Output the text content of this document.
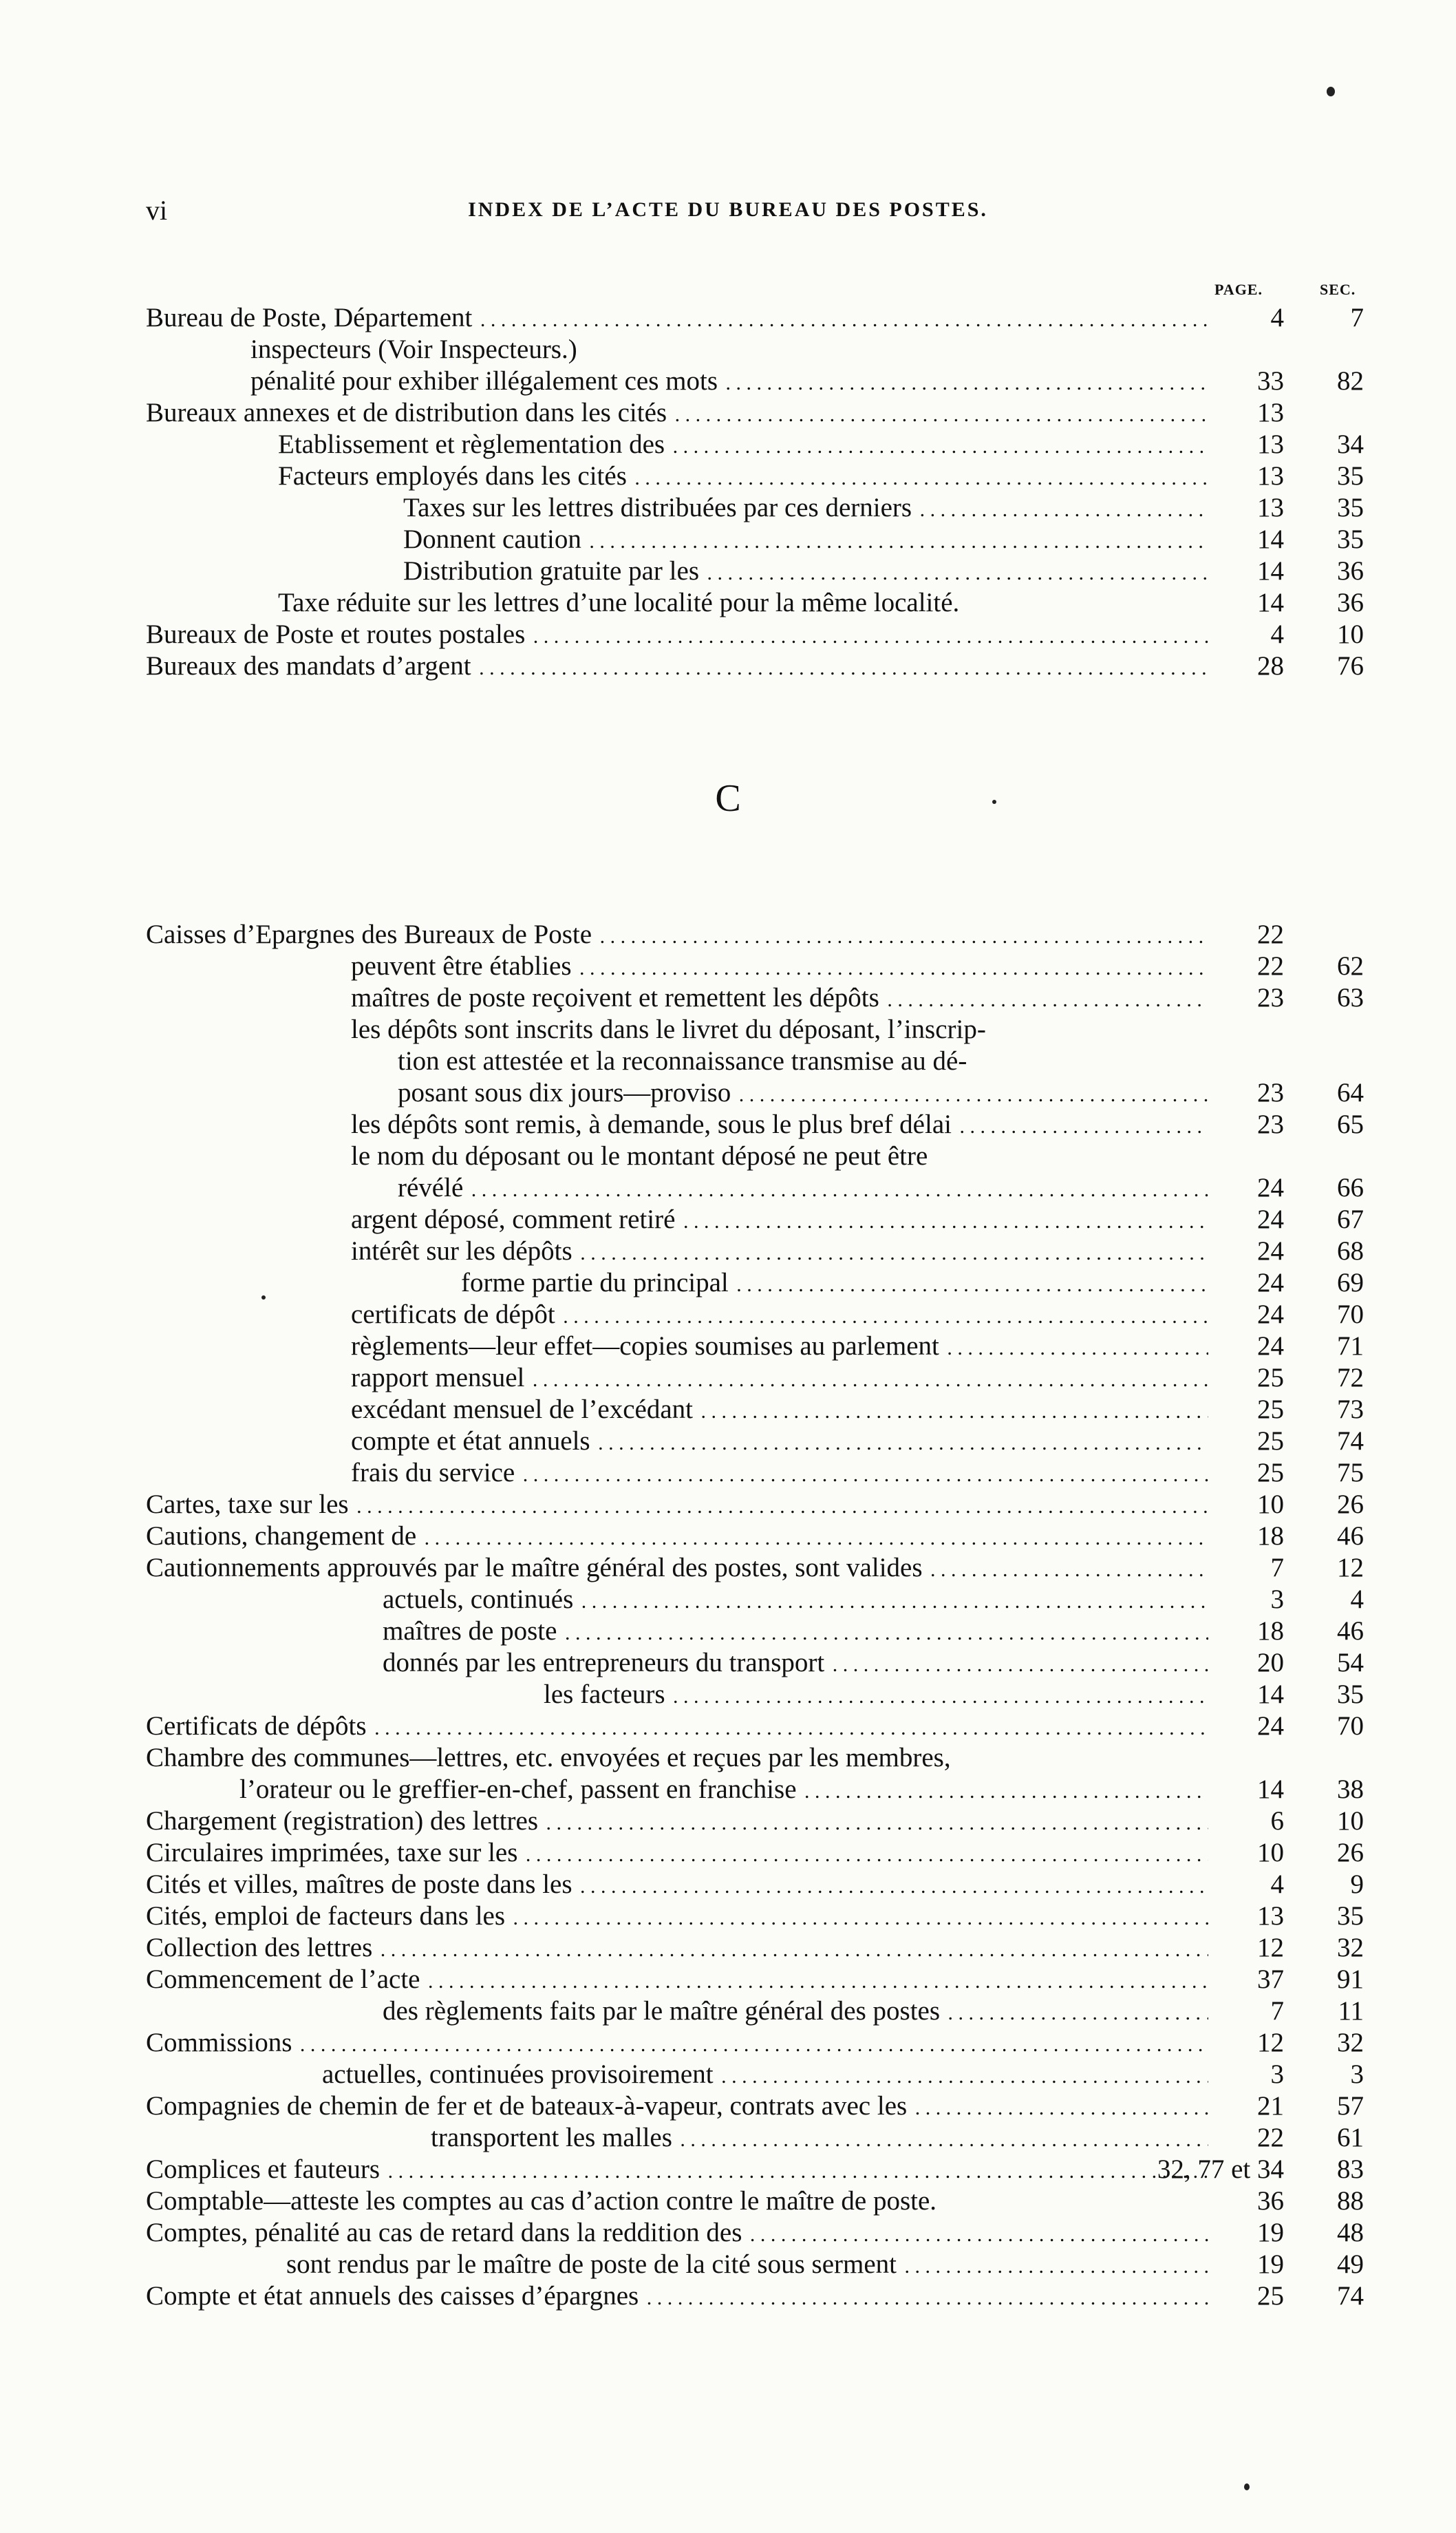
vi	INDEX DE L’ACTE DU BUREAU DES POSTES.
PAGE.	SEC.
C
Bureau de Poste, Département . . .	4 7
inspecteurs (Voir Inspecteurs.)
pénalité pour exhiber illégalement ces mots . . .	33 82
Bureaux annexes et de distribution dans les cités . . .	13
Etablissement et règlementation des . . .	13 34
Facteurs employés dans les cités . . .	13 35
Taxes sur les lettres distribuées par ces derniers . . .	13 35
Donnent caution . . .	14 35
Distribution gratuite par les . . .	14 36
Taxe réduite sur les lettres d’une localité pour la même localité.	14 36
Bureaux de Poste et routes postales . . .	4 10
Bureaux des mandats d’argent . . .	28 76
Caisses d’Epargnes des Bureaux de Poste . . .	22
peuvent être établies . . .	22 62
maîtres de poste reçoivent et remettent les dépôts . . .	23 63
les dépôts sont inscrits dans le livret du déposant, l’inscrip-
tion est attestée et la reconnaissance transmise au dé-
posant sous dix jours—proviso . . .	23 64
les dépôts sont remis, à demande, sous le plus bref délai . . .	23 65
le nom du déposant ou le montant déposé ne peut être
révélé . . .	24 66
argent déposé, comment retiré . . .	24 67
intérêt sur les dépôts . . .	24 68
forme partie du principal . . .	24 69
certificats de dépôt . . .	24 70
règlements—leur effet—copies soumises au parlement . . .	24 71
rapport mensuel . . .	25 72
excédant mensuel de l’excédant . . .	25 73
compte et état annuels . . .	25 74
frais du service . . .	25 75
Cartes, taxe sur les . . .	10 26
Cautions, changement de . . .	18 46
Cautionnements approuvés par le maître général des postes, sont valides . . .	7 12
actuels, continués . . .	3 4
maîtres de poste . . .	18 46
donnés par les entrepreneurs du transport . . .	20 54
les facteurs . . .	14 35
Certificats de dépôts . . .	24 70
Chambre des communes—lettres, etc. envoyées et reçues par les membres,
l’orateur ou le greffier-en-chef, passent en franchise . . .	14 38
Chargement (registration) des lettres . . .	6 10
Circulaires imprimées, taxe sur les . . .	10 26
Cités et villes, maîtres de poste dans les . . .	4 9
Cités, emploi de facteurs dans les . . .	13 35
Collection des lettres . . .	12 32
Commencement de l’acte . . .	37 91
des règlements faits par le maître général des postes . . .	7 11
Commissions . . .	12 32
actuelles, continuées provisoirement . . .	3 3
Compagnies de chemin de fer et de bateaux-à-vapeur, contrats avec les . . .	21 57
transportent les malles . . .	22 61
Complices et fauteurs . . .	32, 77 et 34 83
Comptable—atteste les comptes au cas d’action contre le maître de poste.	36 88
Comptes, pénalité au cas de retard dans la reddition des . . .	19 48
sont rendus par le maître de poste de la cité sous serment . . .	19 49
Compte et état annuels des caisses d’épargnes . . .	25 74
